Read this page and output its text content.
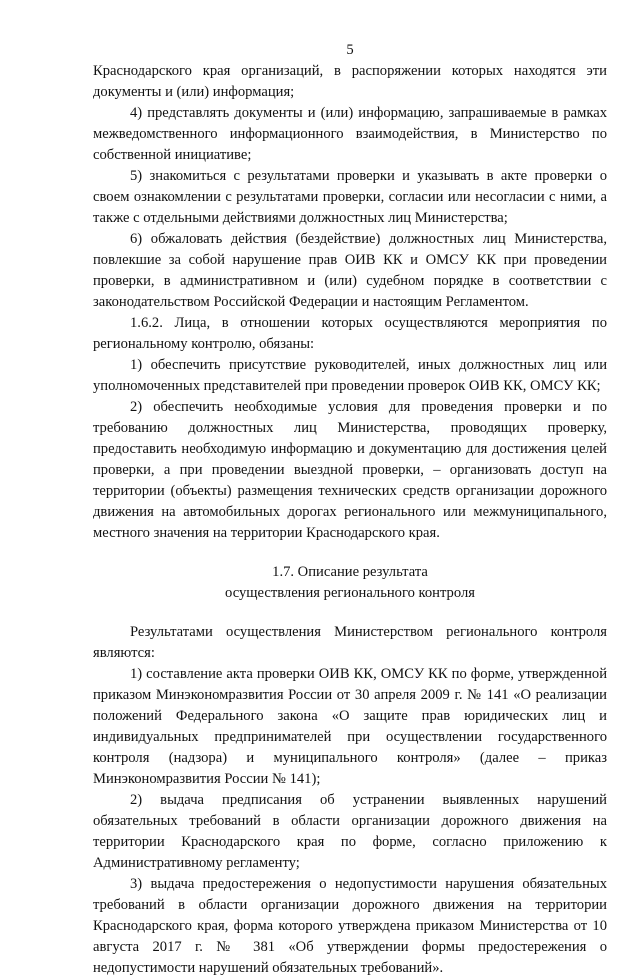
5

Краснодарского края организаций, в распоряжении которых находятся эти документы и (или) информация;

4) представлять документы и (или) информацию, запрашиваемые в рамках межведомственного информационного взаимодействия, в Министерство по собственной инициативе;

5) знакомиться с результатами проверки и указывать в акте проверки о своем ознакомлении с результатами проверки, согласии или несогласии с ними, а также с отдельными действиями должностных лиц Министерства;

6) обжаловать действия (бездействие) должностных лиц Министерства, повлекшие за собой нарушение прав ОИВ КК и ОМСУ КК при проведении проверки, в административном и (или) судебном порядке в соответствии с законодательством Российской Федерации и настоящим Регламентом.

1.6.2. Лица, в отношении которых осуществляются мероприятия по региональному контролю, обязаны:

1) обеспечить присутствие руководителей, иных должностных лиц или уполномоченных представителей при проведении проверок ОИВ КК, ОМСУ КК;

2) обеспечить необходимые условия для проведения проверки и по требованию должностных лиц Министерства, проводящих проверку, предоставить необходимую информацию и документацию для достижения целей проверки, а при проведении выездной проверки, – организовать доступ на территории (объекты) размещения технических средств организации дорожного движения на автомобильных дорогах регионального или межмуниципального, местного значения на территории Краснодарского края.

1.7. Описание результата
осуществления регионального контроля

Результатами осуществления Министерством регионального контроля являются:

1) составление акта проверки ОИВ КК, ОМСУ КК по форме, утвержденной приказом Минэкономразвития России от 30 апреля 2009 г. № 141 «О реализации положений Федерального закона «О защите прав юридических лиц и индивидуальных предпринимателей при осуществлении государственного контроля (надзора) и муниципального контроля» (далее – приказ Минэкономразвития России № 141);

2) выдача предписания об устранении выявленных нарушений обязательных требований в области организации дорожного движения на территории Краснодарского края по форме, согласно приложению к Административному регламенту;

3) выдача предостережения о недопустимости нарушения обязательных требований в области организации дорожного движения на территории Краснодарского края, форма которого утверждена приказом Министерства от 10 августа 2017 г. № 381 «Об утверждении формы предостережения о недопустимости нарушений обязательных требований».
